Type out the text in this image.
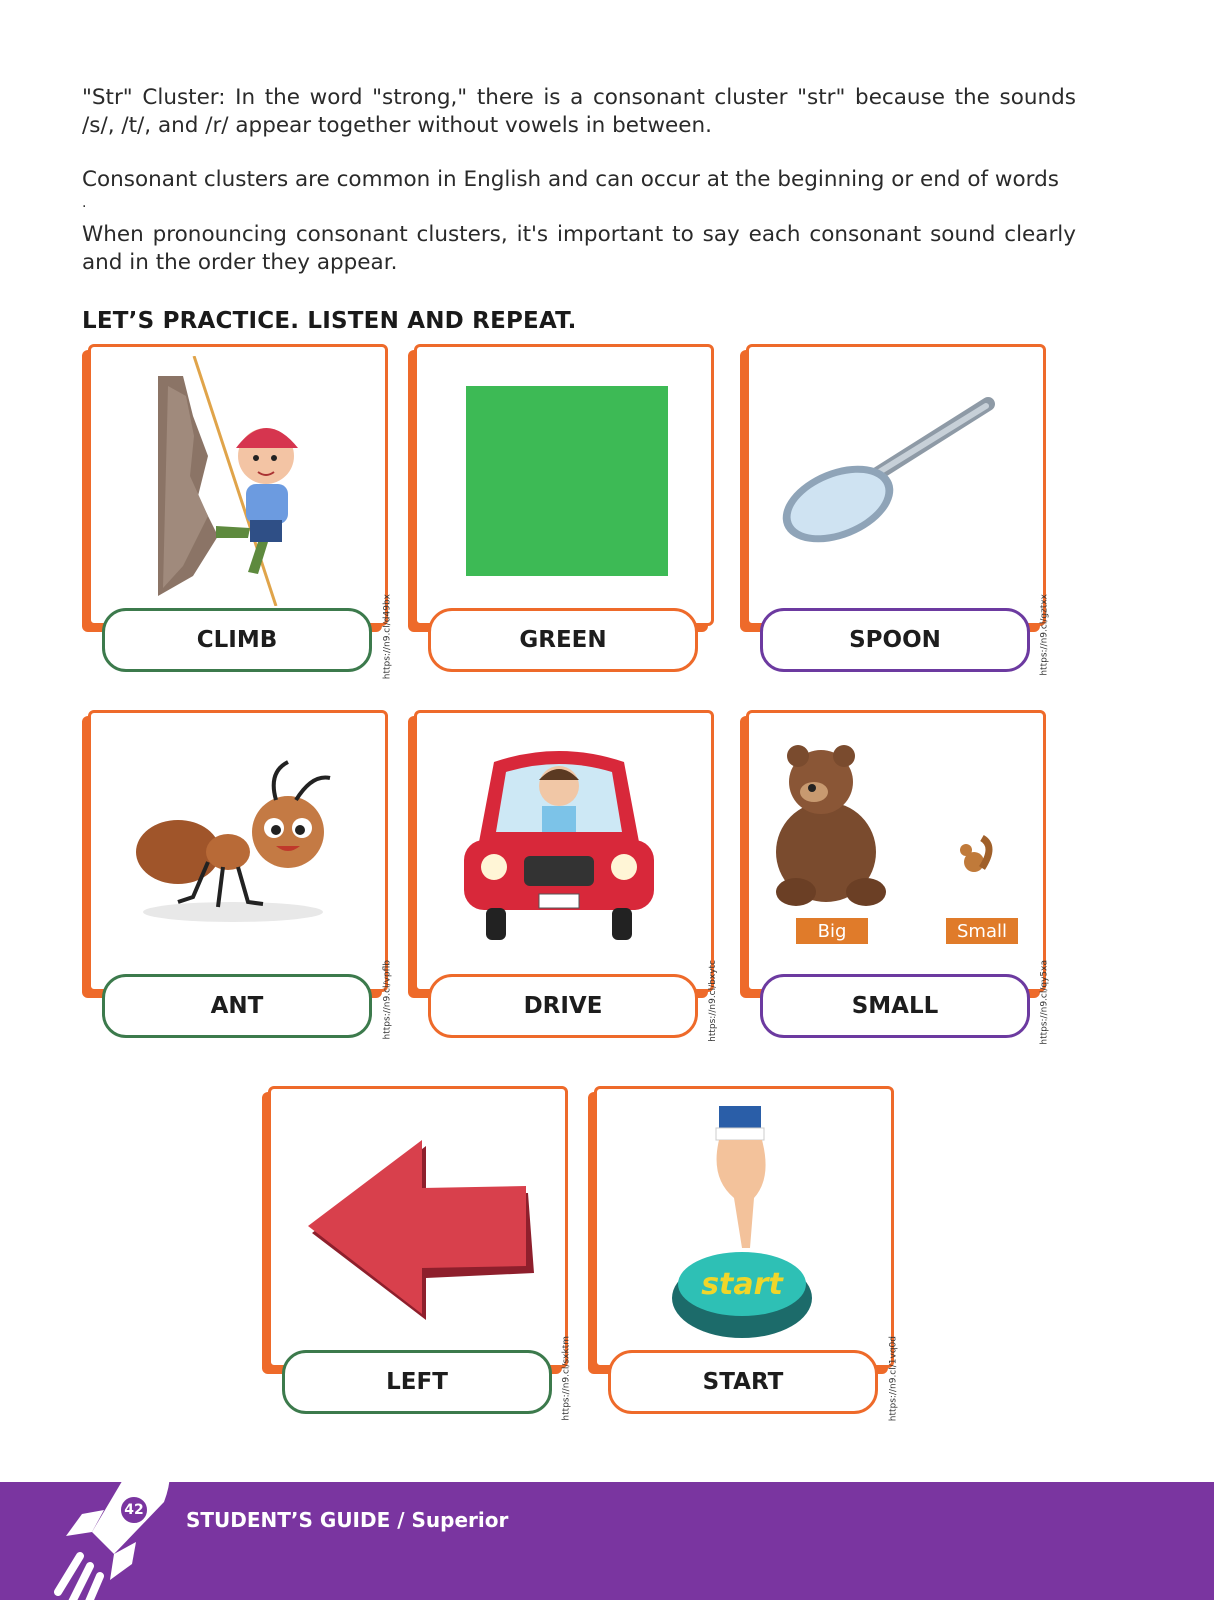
"Str" Cluster: In the word "strong," there is a consonant cluster "str" because the sounds /s/, /t/, and /r/ appear together without vowels in between.

Consonant clusters are common in English and can occur at the beginning or end of words

.

When pronouncing consonant clusters, it's important to say each consonant sound clearly and in the order they appear.

LET’S PRACTICE. LISTEN AND REPEAT.
https://n9.cl/d49bx
CLIMB	GREEN	https://n9.cl/gztxx
SPOON
https://n9.cl/vpflb
ANT	https://n9.cl/bxytc
DRIVE
Big	Small
https://n9.cl/qy5xa
SMALL
https://n9.cl/sxktm
LEFT
start
https://n9.cl/1vq0d
START
42	STUDENT’S GUIDE / Superior
